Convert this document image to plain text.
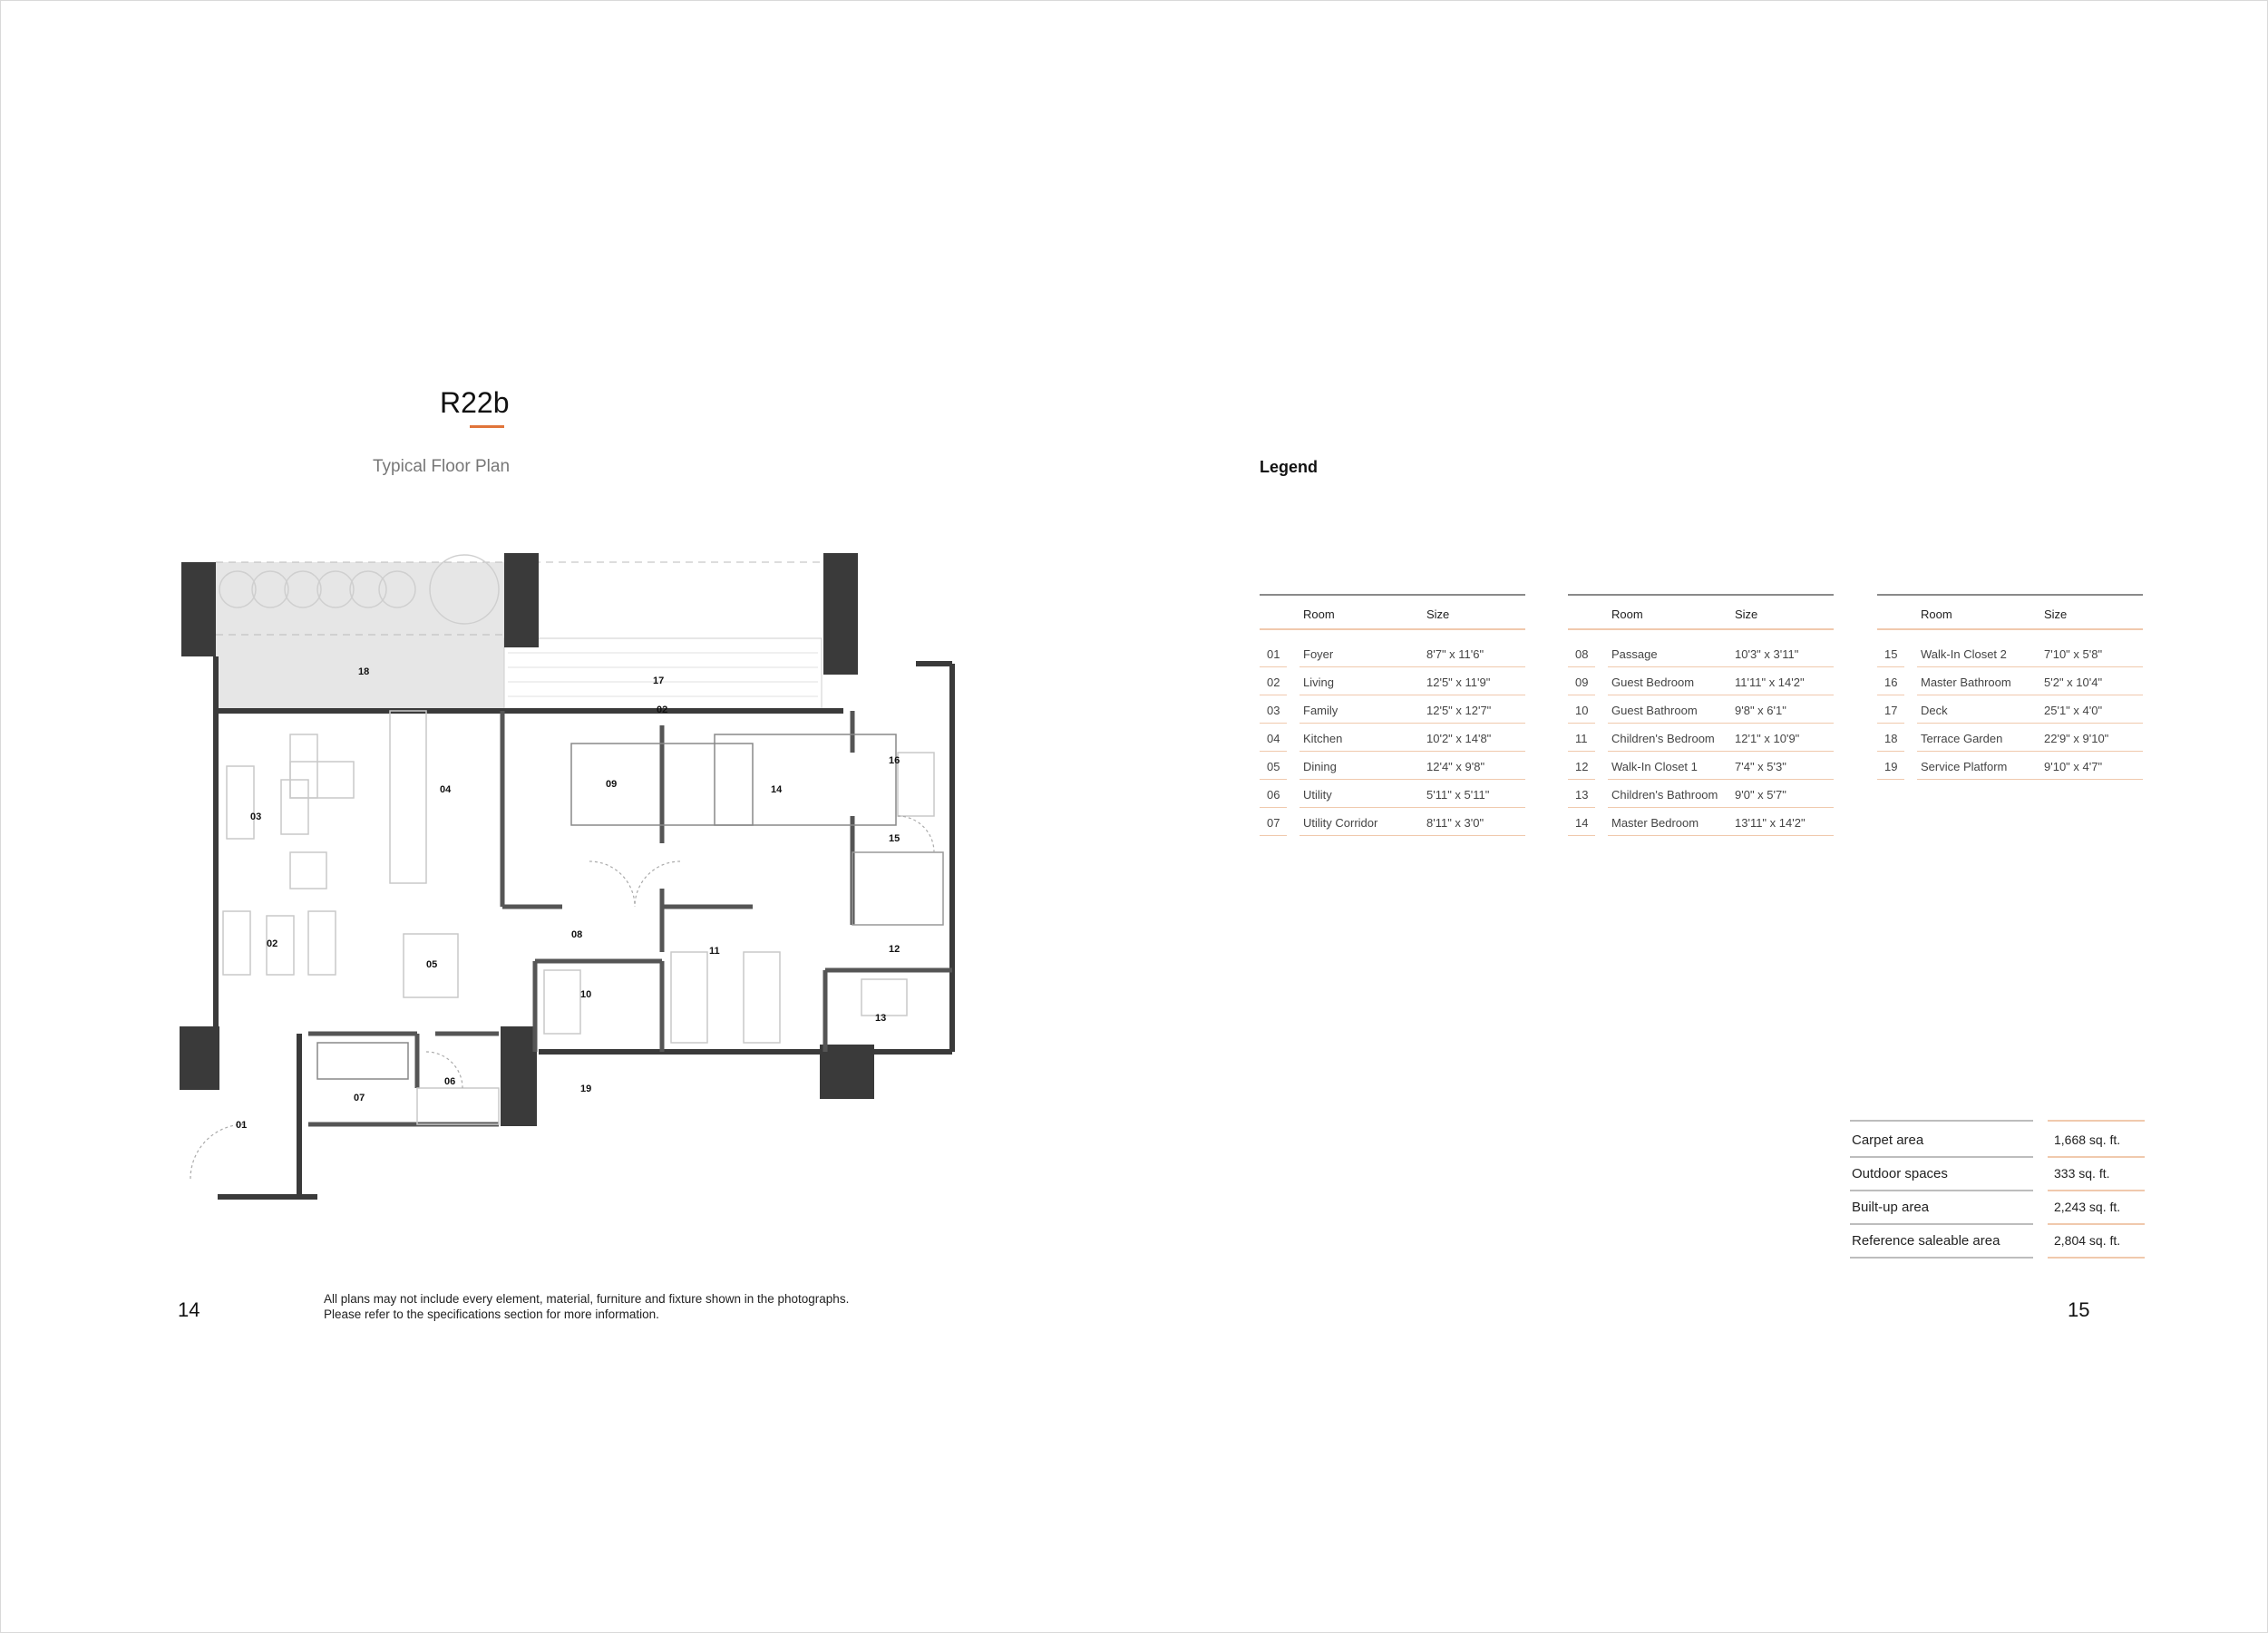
R22b
Typical Floor Plan
18
17
02
03
04	09	14
16
15
02
05
08
11	12
10
13
06
07
19
01
Legend
Room	Size
01 Foyer	8'7" x 11'6"
02 Living	12'5" x 11'9"
03 Family	12'5" x 12'7"
04 Kitchen	10'2" x 14'8"
05 Dining	12'4" x 9'8"
06 Utility	5'11" x 5'11"
07 Utility Corridor	8'11" x 3'0"
Room	Size
08 Passage	10'3" x 3'11"
09 Guest Bedroom	11'11" x 14'2"
10 Guest Bathroom	9'8" x 6'1"
11 Children's Bedroom 12'1" x 10'9"
12 Walk-In Closet 1	7'4" x 5'3"
13 Children's Bathroom 9'0" x 5'7"
14 Master Bedroom	13'11" x 14'2"
Room	Size
15 Walk-In Closet 2	7'10" x 5'8"
16 Master Bathroom	5'2" x 10'4"
17 Deck	25'1" x 4'0"
18 Terrace Garden	22'9" x 9'10"
19 Service Platform	9'10" x 4'7"
Carpet area	1,668 sq. ft.
Outdoor spaces	333 sq. ft.
Built-up area	2,243 sq. ft.
Reference saleable area	2,804 sq. ft.
14	15
All plans may not include every element, material, furniture and fixture shown in the photographs.
Please refer to the specifications section for more information.
